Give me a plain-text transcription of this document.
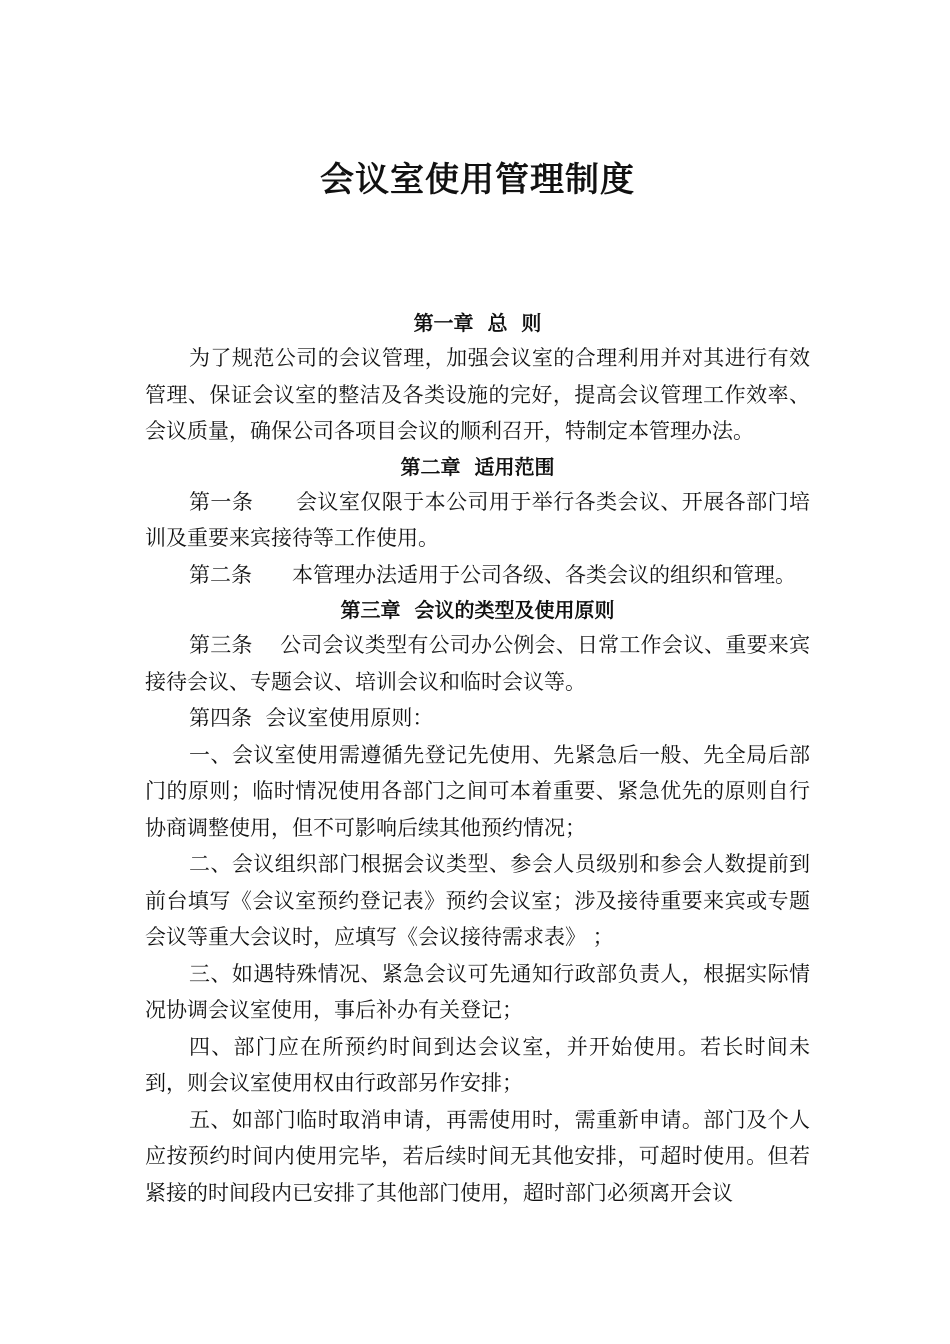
会议室使用管理制度
第一章  总  则
为了规范公司的会议管理，加强会议室的合理利用并对其进行有效管理、保证会议室的整洁及各类设施的完好，提高会议管理工作效率、会议质量，确保公司各项目会议的顺利召开，特制定本管理办法。
第二章  适用范围
第一条      会议室仅限于本公司用于举行各类会议、开展各部门培训及重要来宾接待等工作使用。
第二条      本管理办法适用于公司各级、各类会议的组织和管理。
第三章  会议的类型及使用原则
第三条    公司会议类型有公司办公例会、日常工作会议、重要来宾接待会议、专题会议、培训会议和临时会议等。
第四条  会议室使用原则：
一、会议室使用需遵循先登记先使用、先紧急后一般、先全局后部门的原则；临时情况使用各部门之间可本着重要、紧急优先的原则自行协商调整使用，但不可影响后续其他预约情况；
二、会议组织部门根据会议类型、参会人员级别和参会人数提前到前台填写《会议室预约登记表》预约会议室；涉及接待重要来宾或专题会议等重大会议时，应填写《会议接待需求表》 ；
三、如遇特殊情况、紧急会议可先通知行政部负责人，根据实际情况协调会议室使用，事后补办有关登记；
四、部门应在所预约时间到达会议室，并开始使用。若长时间未到，则会议室使用权由行政部另作安排；
五、如部门临时取消申请，再需使用时，需重新申请。部门及个人应按预约时间内使用完毕，若后续时间无其他安排，可超时使用。但若紧接的时间段内已安排了其他部门使用，超时部门必须离开会议
